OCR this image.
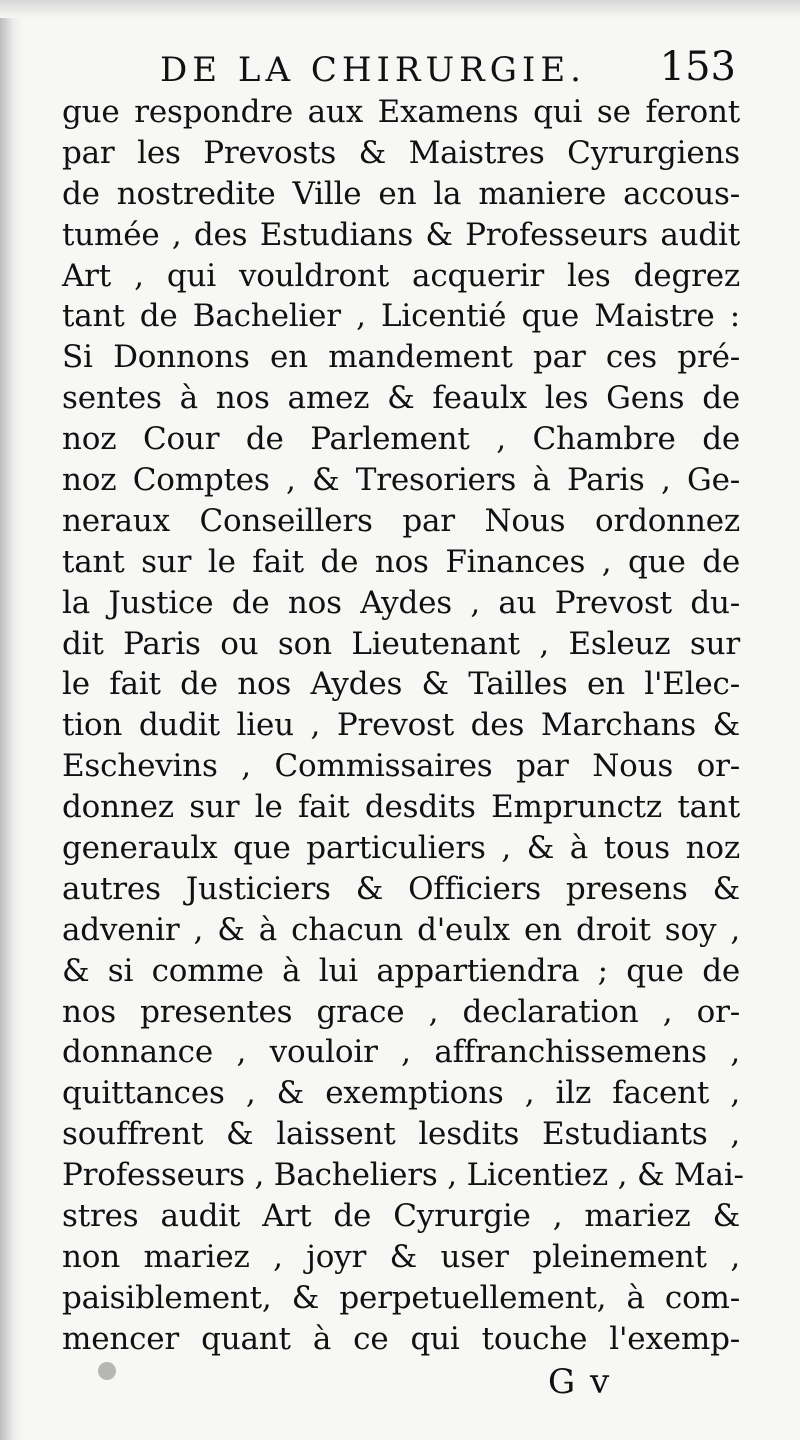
DE LA CHIRURGIE. 153
gue respondre aux Examens qui se feront
par les Prevosts & Maistres Cyrurgiens
de nostredite Ville en la maniere accous-
tumée , des Estudians & Professeurs audit
Art , qui vouldront acquerir les degrez
tant de Bachelier , Licentié que Maistre :
Si Donnons en mandement par ces pré-
sentes à nos amez & feaulx les Gens de
noz Cour de Parlement , Chambre de
noz Comptes , & Tresoriers à Paris , Ge-
neraux Conseillers par Nous ordonnez
tant sur le fait de nos Finances , que de
la Justice de nos Aydes , au Prevost du-
dit Paris ou son Lieutenant , Esleuz sur
le fait de nos Aydes & Tailles en l'Elec-
tion dudit lieu , Prevost des Marchans &
Eschevins , Commissaires par Nous or-
donnez sur le fait desdits Emprunctz tant
generaulx que particuliers , & à tous noz
autres Justiciers & Officiers presens &
advenir , & à chacun d'eulx en droit soy ,
& si comme à lui appartiendra ; que de
nos presentes grace , declaration , or-
donnance , vouloir , affranchissemens ,
quittances , & exemptions , ilz facent ,
souffrent & laissent lesdits Estudiants ,
Professeurs , Bacheliers , Licentiez , & Mai-
stres audit Art de Cyrurgie , mariez &
non mariez , joyr & user pleinement ,
paisiblement, & perpetuellement, à com-
mencer quant à ce qui touche l'exemp-
G v
